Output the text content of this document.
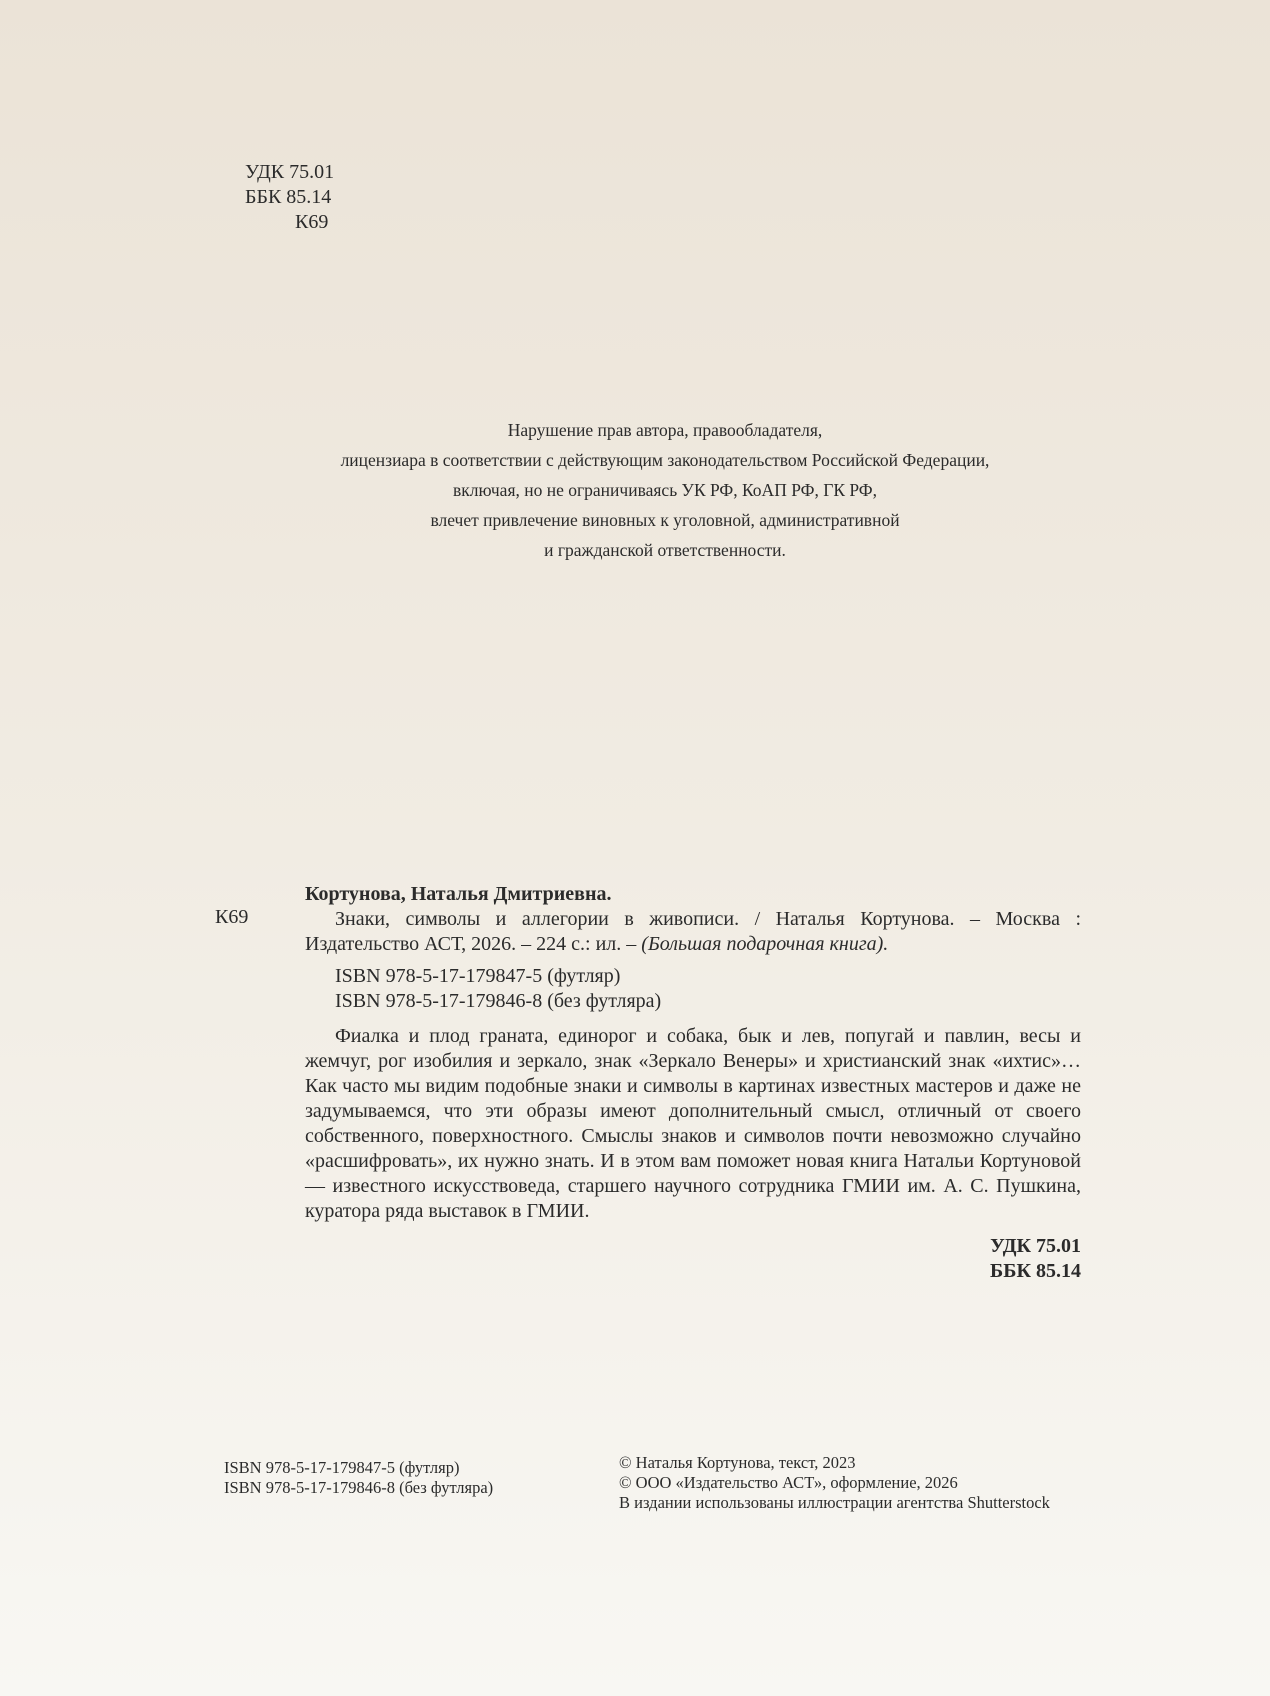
УДК 75.01
ББК 85.14
К69
Нарушение прав автора, правообладателя,
лицензиара в соответствии с действующим законодательством Российской Федерации,
включая, но не ограничиваясь УК РФ, КоАП РФ, ГК РФ,
влечет привлечение виновных к уголовной, административной
и гражданской ответственности.
К69
Кортунова, Наталья Дмитриевна.
Знаки, символы и аллегории в живописи. / Наталья Кортунова. – Москва : Издательство АСТ, 2026. – 224 с.: ил. – (Большая подарочная книга).
ISBN 978-5-17-179847-5 (футляр)
ISBN 978-5-17-179846-8 (без футляра)
Фиалка и плод граната, единорог и собака, бык и лев, попугай и павлин, весы и жемчуг, рог изобилия и зеркало, знак «Зеркало Венеры» и христианский знак «ихтис»… Как часто мы видим подобные знаки и символы в картинах известных мастеров и даже не задумываемся, что эти образы имеют дополнительный смысл, отличный от своего собственного, поверхностного. Смыслы знаков и символов почти невозможно случайно «расшифровать», их нужно знать. И в этом вам поможет новая книга Натальи Кортуновой — известного искусствоведа, старшего научного сотрудника ГМИИ им. А. С. Пушкина, куратора ряда выставок в ГМИИ.
УДК 75.01
ББК 85.14
ISBN 978-5-17-179847-5 (футляр)
ISBN 978-5-17-179846-8 (без футляра)
© Наталья Кортунова, текст, 2023
© ООО «Издательство АСТ», оформление, 2026
В издании использованы иллюстрации агентства Shutterstock
